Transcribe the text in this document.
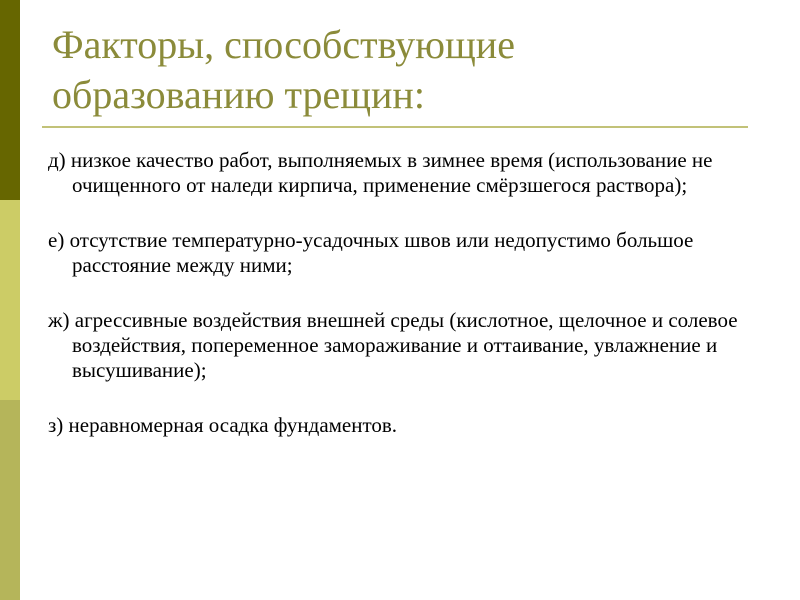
Факторы, способствующие
образованию трещин:

д) низкое качество работ, выполняемых в зимнее время (использование не очищенного от наледи кирпича, применение смёрзшегося раствора);

е) отсутствие температурно-усадочных швов или недопустимо большое расстояние между ними;

ж) агрессивные воздействия внешней среды (кислотное, щелочное и солевое воздействия, попеременное замораживание и оттаивание, увлажнение и высушивание);

з) неравномерная осадка фундаментов.
